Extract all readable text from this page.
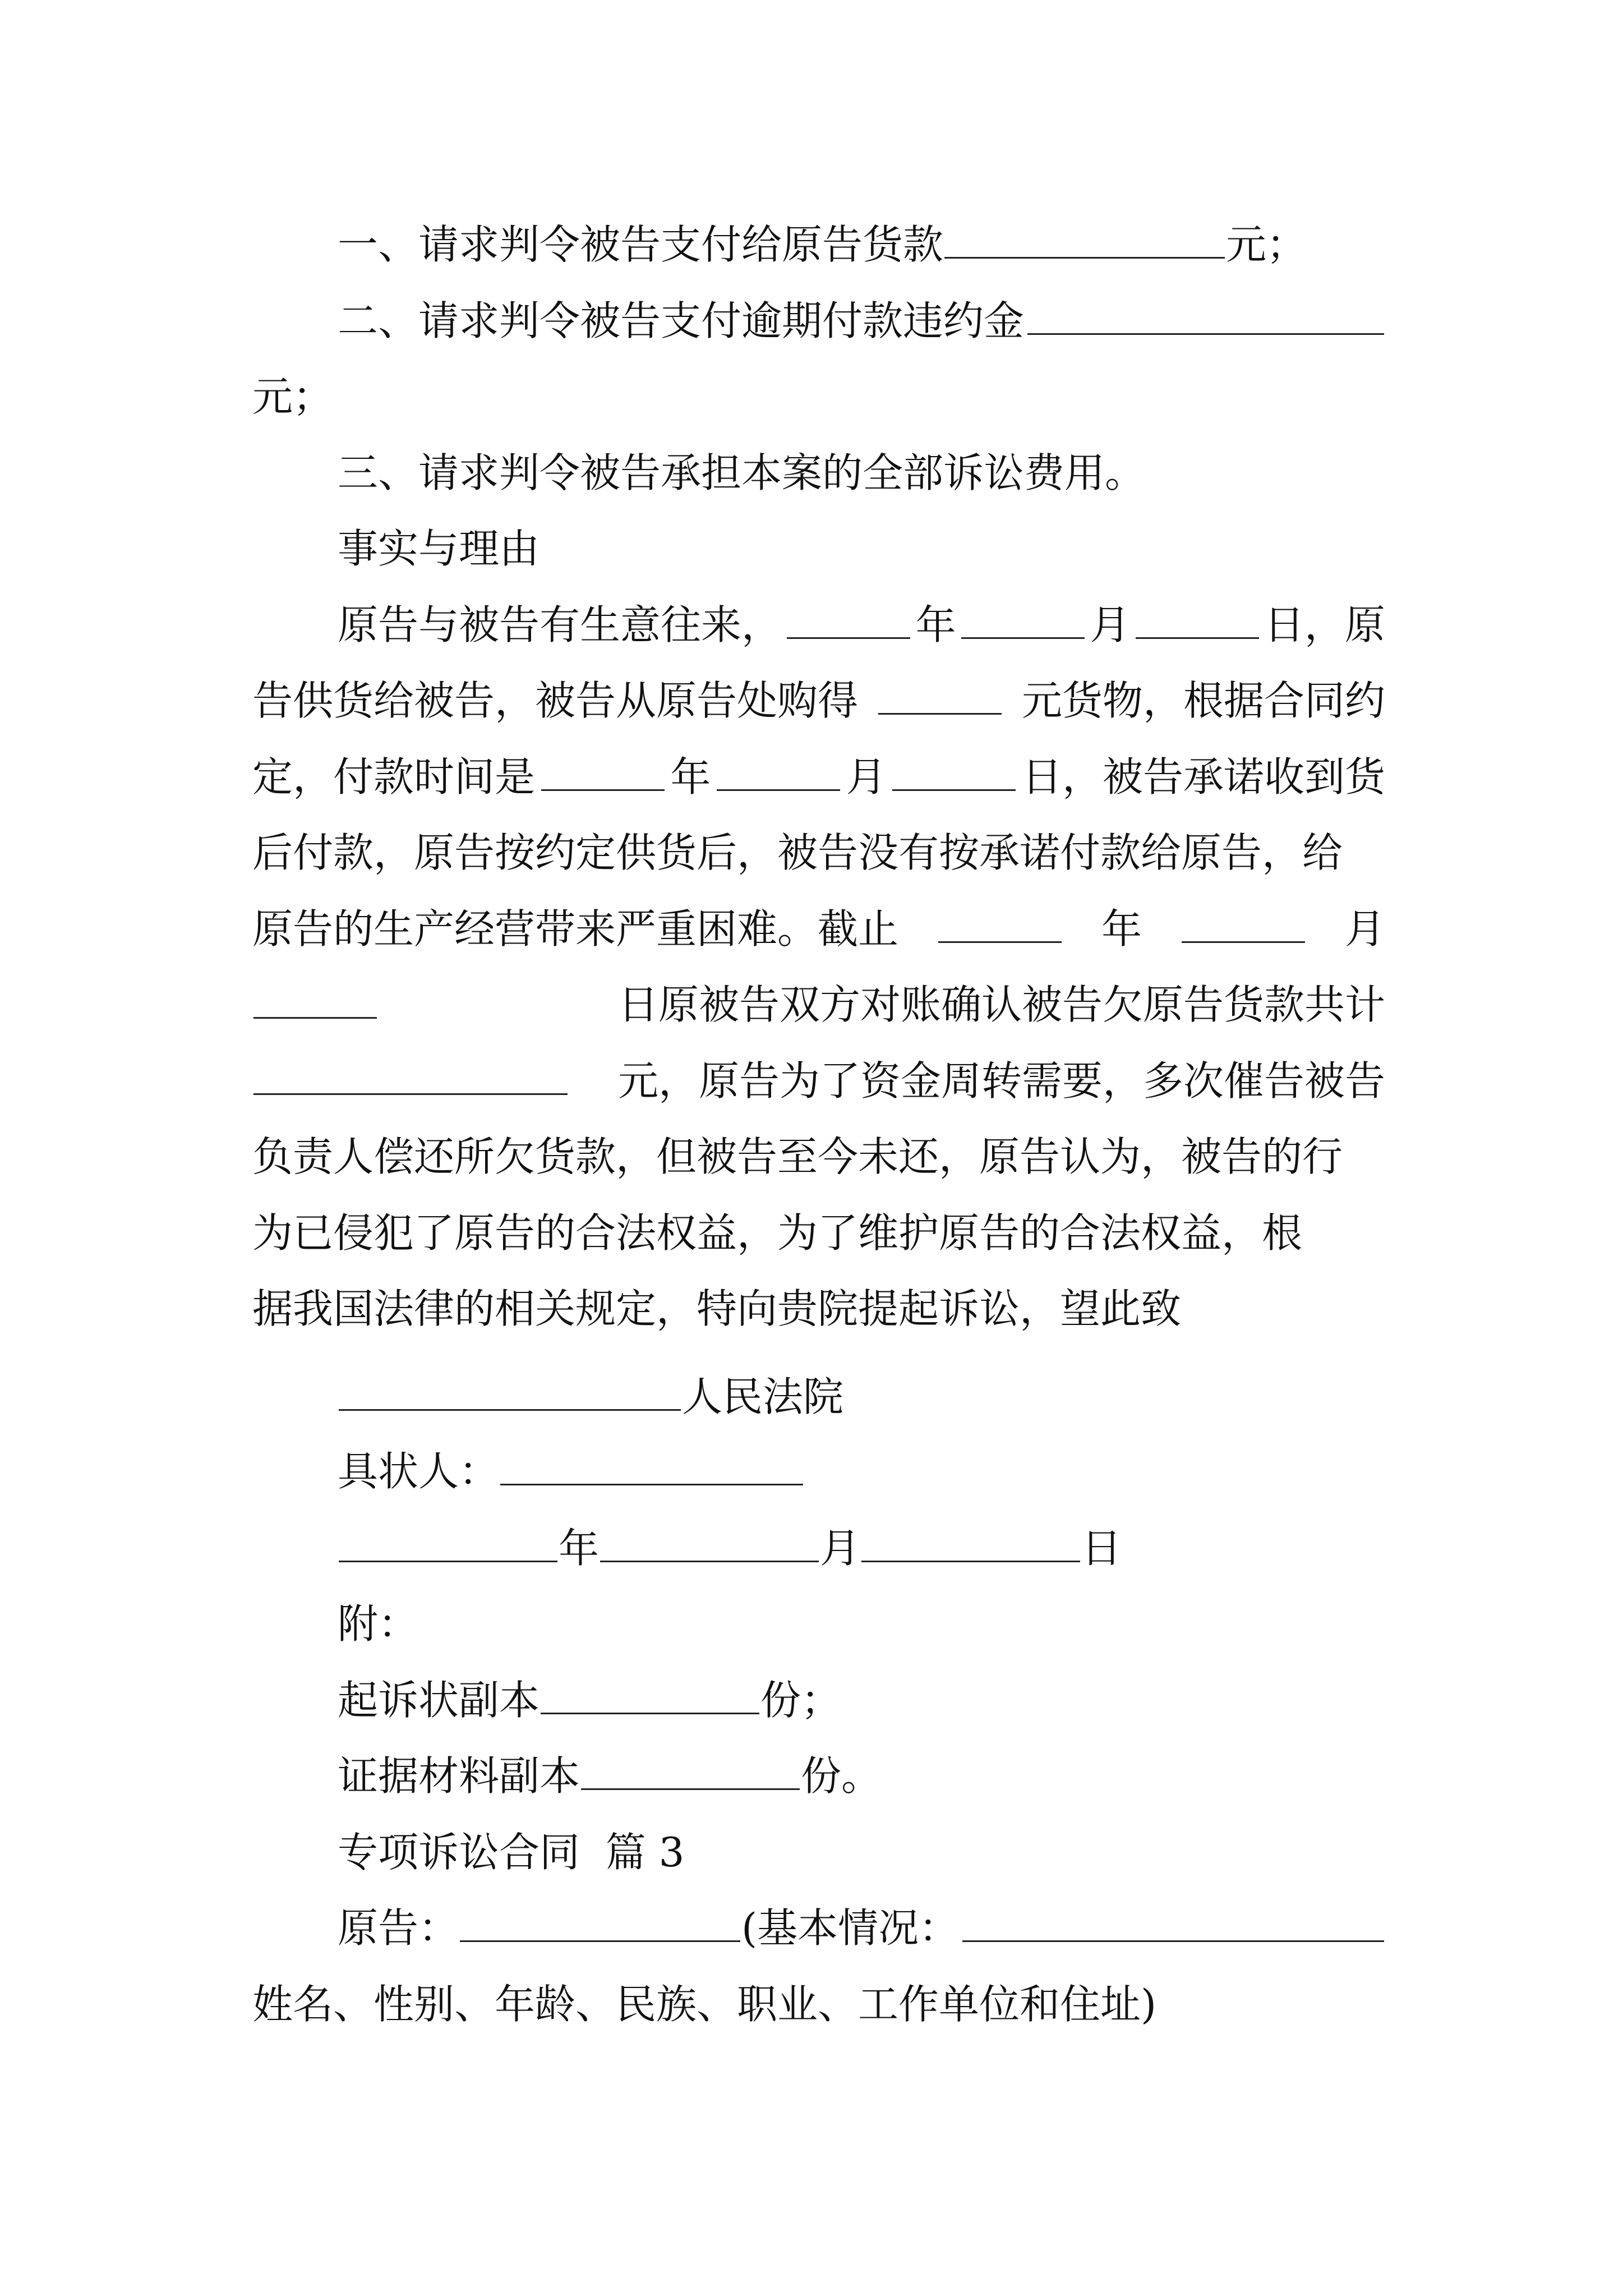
一、请求判令被告支付给原告货款	元；
二、请求判令被告支付逾期付款违约金
元；
三、请求判令被告承担本案的全部诉讼费用。
事实与理由
原告与被告有生意往来，	年	月	日，原
告供货给被告，被告从原告处购得	元货物，根据合同约
定，付款时间是	年	月	日，被告承诺收到货
后付款，原告按约定供货后，被告没有按承诺付款给原告，给
原告的生产经营带来严重困难。截止	年	月
日原被告双方对账确认被告欠原告货款共计
元，原告为了资金周转需要，多次催告被告
负责人偿还所欠货款，但被告至今未还，原告认为，被告的行
为已侵犯了原告的合法权益，为了维护原告的合法权益，根
据我国法律的相关规定，特向贵院提起诉讼，望此致
人民法院
具状人：
年	月	日
附：
起诉状副本	份；
证据材料副本	份。
专项诉讼合同  篇 3
原告：	(基本情况：
姓名、性别、年龄、民族、职业、工作单位和住址)
